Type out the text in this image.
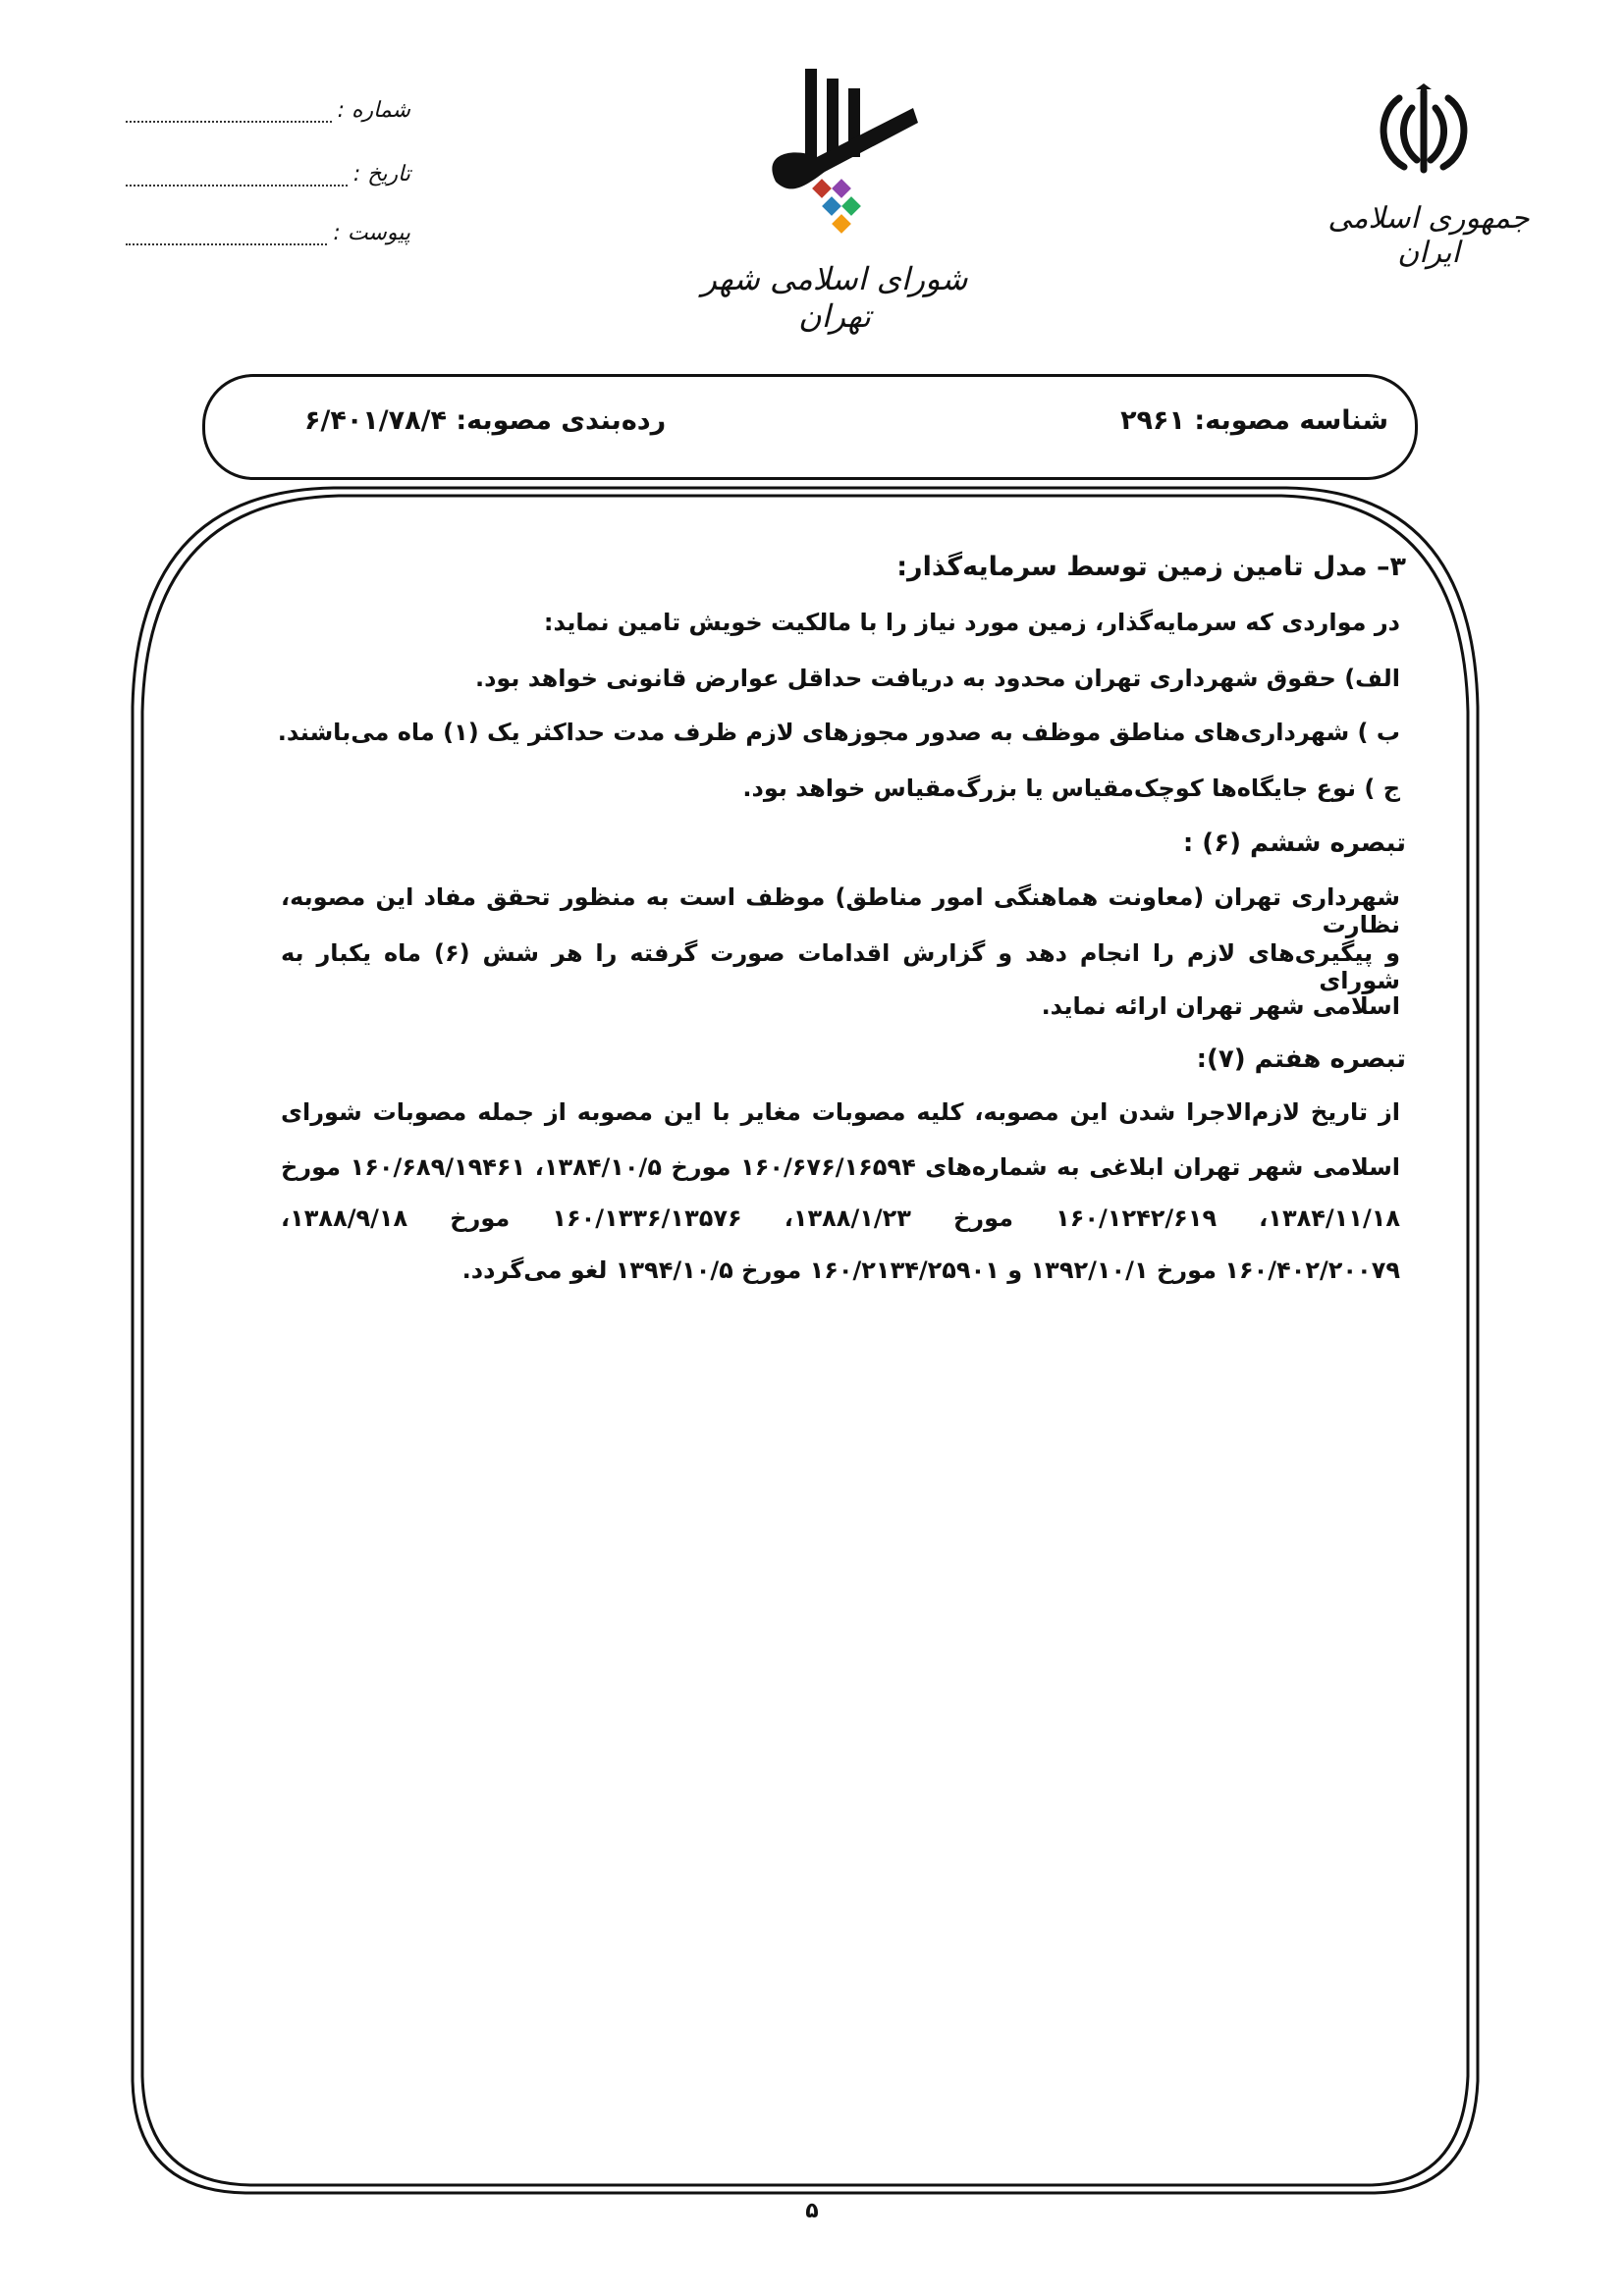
جمهوری اسلامی ایران
شورای اسلامی شهر تهران
شماره :
تاریخ :
پیوست :
شناسه مصوبه: ۲۹۶۱
رده‌بندی مصوبه: ۶/۴۰۱/۷۸/۴
۳– مدل تامین زمین توسط سرمایه‌گذار:
در مواردی که سرمایه‌گذار، زمین مورد نیاز را با مالکیت خویش تامین نماید:
الف) حقوق شهرداری تهران محدود به دریافت حداقل عوارض قانونی خواهد بود.
ب ) شهرداری‌های مناطق موظف به صدور مجوزهای لازم ظرف مدت حداکثر یک (۱) ماه می‌باشند.
ج ) نوع جایگاه‌ها کوچک‌مقیاس یا بزرگ‌مقیاس خواهد بود.
تبصره ششم (۶) :
شهرداری تهران (معاونت هماهنگی امور مناطق) موظف است به منظور تحقق مفاد این مصوبه، نظارت
و پیگیری‌های لازم را انجام دهد و گزارش اقدامات صورت گرفته را هر شش (۶) ماه یکبار به شورای
اسلامی شهر تهران ارائه نماید.
تبصره هفتم (۷):
از تاریخ لازم‌الاجرا شدن این مصوبه، کلیه مصوبات مغایر با این مصوبه از جمله مصوبات شورای
اسلامی شهر تهران ابلاغی به شماره‌های ۱۶۰/۶۷۶/۱۶۵۹۴ مورخ ۱۳۸۴/۱۰/۵، ۱۶۰/۶۸۹/۱۹۴۶۱ مورخ
۱۳۸۴/۱۱/۱۸، ۱۶۰/۱۲۴۲/۶۱۹ مورخ ۱۳۸۸/۱/۲۳، ۱۶۰/۱۳۳۶/۱۳۵۷۶ مورخ ۱۳۸۸/۹/۱۸،
۱۶۰/۴۰۲/۲۰۰۷۹ مورخ ۱۳۹۲/۱۰/۱ و ۱۶۰/۲۱۳۴/۲۵۹۰۱ مورخ ۱۳۹۴/۱۰/۵ لغو می‌گردد.
۵
